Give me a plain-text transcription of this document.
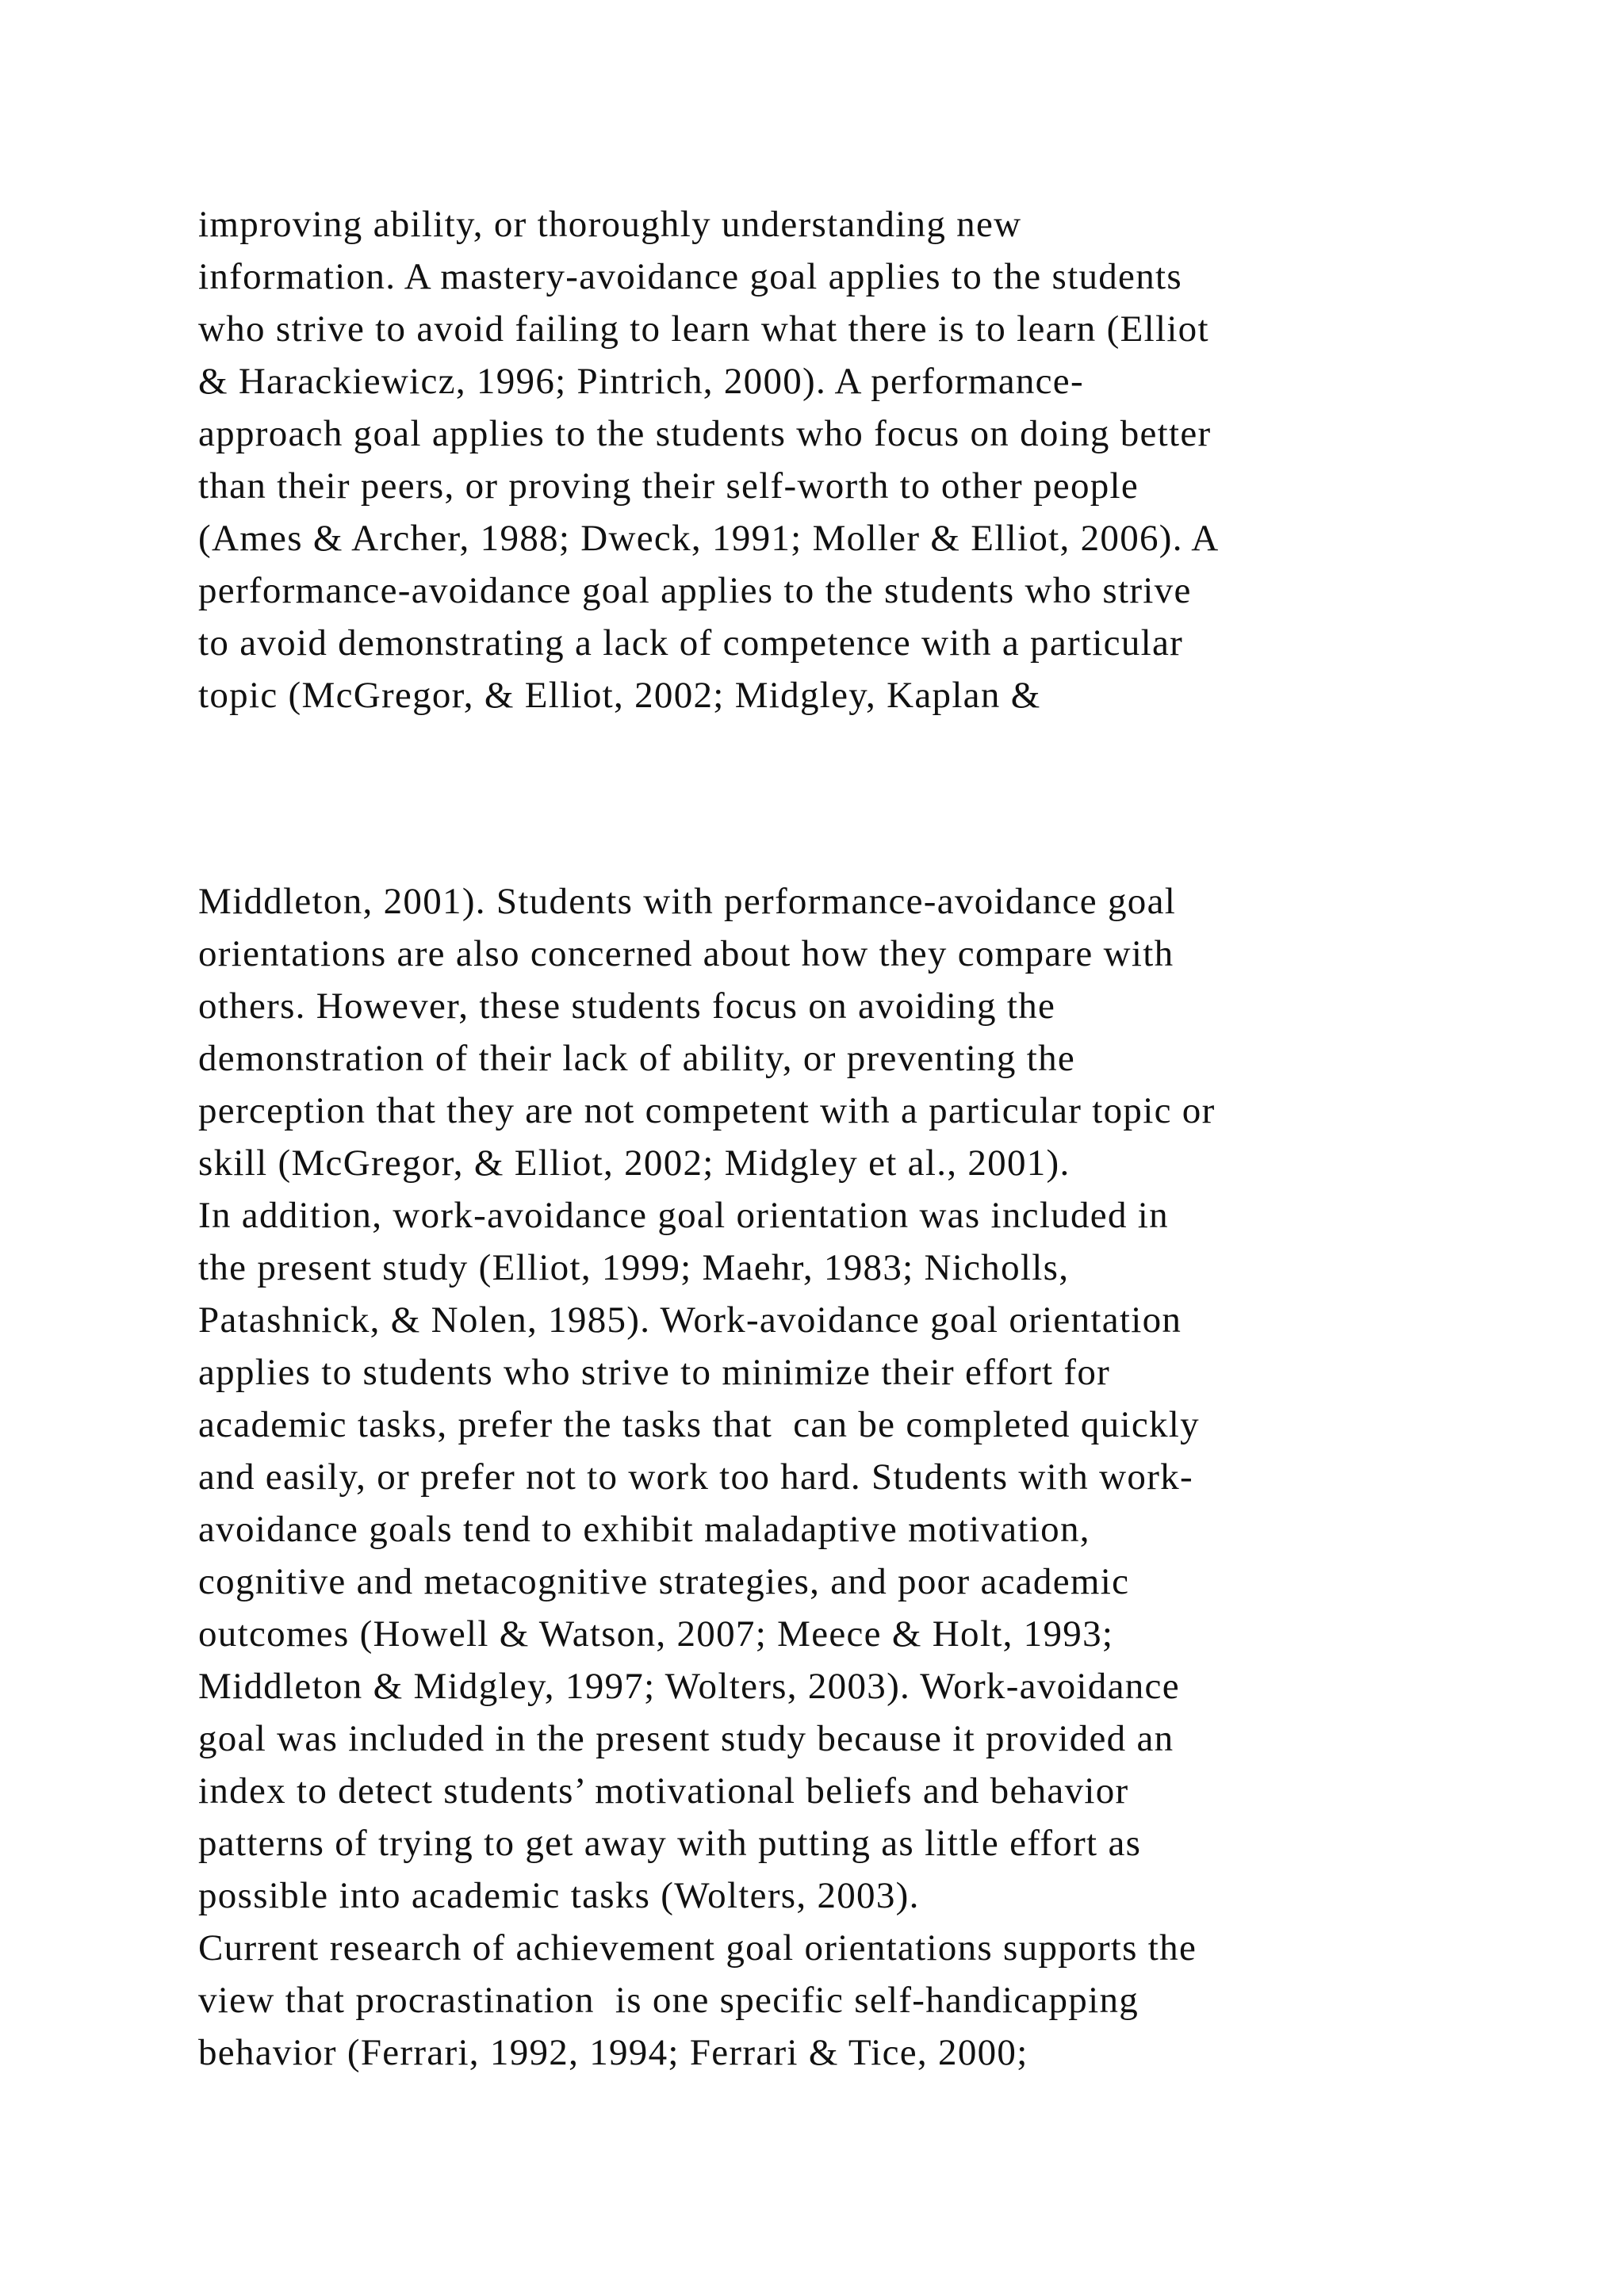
improving ability, or thoroughly understanding new
information. A mastery-avoidance goal applies to the students
who strive to avoid failing to learn what there is to learn (Elliot
& Harackiewicz, 1996; Pintrich, 2000). A performance-
approach goal applies to the students who focus on doing better
than their peers, or proving their self-worth to other people
(Ames & Archer, 1988; Dweck, 1991; Moller & Elliot, 2006). A
performance-avoidance goal applies to the students who strive
to avoid demonstrating a lack of competence with a particular
topic (McGregor, & Elliot, 2002; Midgley, Kaplan &
Middleton, 2001). Students with performance-avoidance goal
orientations are also concerned about how they compare with
others. However, these students focus on avoiding the
demonstration of their lack of ability, or preventing the
perception that they are not competent with a particular topic or
skill (McGregor, & Elliot, 2002; Midgley et al., 2001).
In addition, work-avoidance goal orientation was included in
the present study (Elliot, 1999; Maehr, 1983; Nicholls,
Patashnick, & Nolen, 1985). Work-avoidance goal orientation
applies to students who strive to minimize their effort for
academic tasks, prefer the tasks that  can be completed quickly
and easily, or prefer not to work too hard. Students with work-
avoidance goals tend to exhibit maladaptive motivation,
cognitive and metacognitive strategies, and poor academic
outcomes (Howell & Watson, 2007; Meece & Holt, 1993;
Middleton & Midgley, 1997; Wolters, 2003). Work-avoidance
goal was included in the present study because it provided an
index to detect students’ motivational beliefs and behavior
patterns of trying to get away with putting as little effort as
possible into academic tasks (Wolters, 2003).
Current research of achievement goal orientations supports the
view that procrastination  is one specific self-handicapping
behavior (Ferrari, 1992, 1994; Ferrari & Tice, 2000;
